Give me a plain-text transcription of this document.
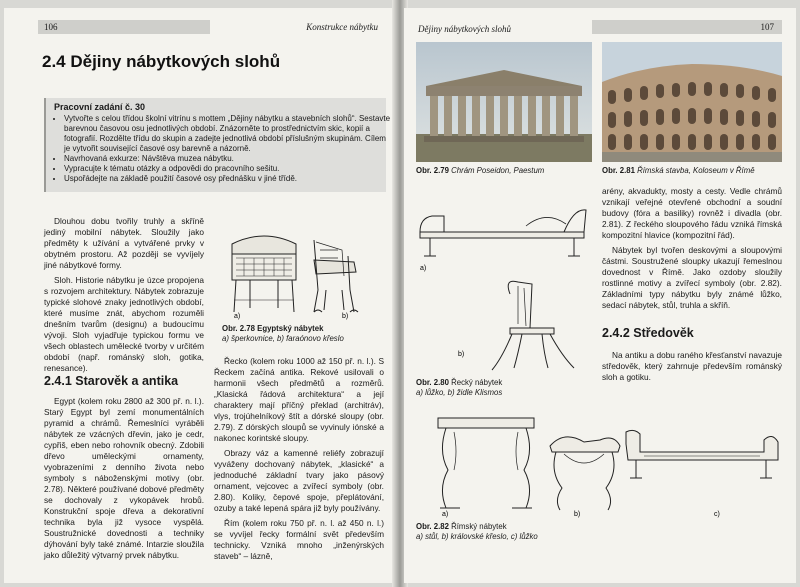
106	Konstrukce nábytku
2.4 Dějiny nábytkových slohů
Pracovní zadání č. 30
• Vytvořte s celou třídou školní vitrínu s mottem „Dějiny nábytku a stavebních slohů“. Sestavte barevnou časovou osu jednotlivých období. Znázorněte to prostřednictvím skic, kopií a fotografií. Rozdělte třídu do skupin a zadejte jednotlivá období příslušným skupinám. Cílem je vytvořit související časové osy barevně a názorně.
• Navrhovaná exkurze: Návštěva muzea nábytku.
• Vypracujte k tématu otázky a odpovědi do pracovního sešitu.
• Uspořádejte na základě použití časové osy přednášku v jiné třídě.

Dlouhou dobu tvořily truhly a skříně jediný mobilní nábytek. Sloužily jako předměty k užívání a vytvářené prvky v obytném prostoru. Až později se vyvíjely jiné nábytkové formy.

Sloh. Historie nábytku je úzce propojena s rozvojem architektury. Nábytek zobrazuje typické slohové znaky jednotlivých období, které musíme znát, abychom rozuměli dnešním tvarům (designu) a budoucímu vývoji. Sloh vyjadřuje typickou formu ve všech oblastech umělecké tvorby v určitém období (např. románský sloh, gotika, renesance).

2.4.1 Starověk a antika

Egypt (kolem roku 2800 až 300 př. n. l.). Starý Egypt byl zemí monumentálních pyramid a chrámů. Řemeslníci vyráběli nábytek ze vzácných dřevin, jako je cedr, cypřiš, eben nebo rohovník obecný. Zdobili dřevo uměleckými ornamenty, vyobrazeními z denního života nebo symboly s náboženskými motivy (obr. 2.78). Některé používané dobové předměty se dochovaly z vykopávek hrobů. Konstrukční spoje dřeva a dekorativní technika byla již vysoce vyspělá. Soustružnické dovednosti a techniky dýhování byly také známé. Intarzie sloužila jako důležitý výtvarný prvek nábytku.

a)	b)
Obr. 2.78 Egyptský nábytek
a) šperkovnice, b) faraónovo křeslo

Řecko (kolem roku 1000 až 150 př. n. l.). S Řeckem začíná antika. Rekové usilovali o harmonii všech předmětů a rozměrů. „Klasická řádová architektura“ a její charaktery mají příčný překlad (architráv), vlys, trojúhelníkový štít a dórské sloupy (obr. 2.79). Z dórských sloupů se vyvinuly iónské a nakonec korintské sloupy.

Obrazy váz a kamenné reliéfy zobrazují vyváženy dochovaný nábytek, „klasické“ a jednoduché základní tvary jako pásový ornament, vejcovec a zvířecí symboly (obr. 2.80). Koliky, čepové spoje, přeplátování, ozuby a také lepená spára již byly používány.

Řím (kolem roku 750 př. n. l. až 450 n. l.) se vyvíjel řecky formální svět především technicky. Vzniká mnoho „inženýrských staveb“ – lázně,

Dějiny nábytkových slohů	107
Obr. 2.79 Chrám Poseidon, Paestum	Obr. 2.81 Římská stavba, Koloseum v Římě
a)
b)
Obr. 2.80 Řecký nábytek
a) lůžko, b) židle Klismos

arény, akvadukty, mosty a cesty. Vedle chrámů vznikají veřejné otevřené obchodní a soudní budovy (fóra a basiliky) rovněž i divadla (obr. 2.81). Z řeckého sloupového řádu vzniká římská kompozitní hlavice (kompozitní řád).

Nábytek byl tvořen deskovými a sloupovými částmi. Soustružené sloupky ukazují řemeslnou dovednost v Římě. Jako ozdoby sloužily rostlinné motivy a zvířecí symboly (obr. 2.82). Základními typy nábytku byly známé lůžko, sedací nábytek, stůl, truhla a skříň.

2.4.2 Středověk

Na antiku a dobu raného křesťanství navazuje středověk, který zahrnuje především románský sloh a gotiku.

a)	b)	c)
Obr. 2.82 Římský nábytek
a) stůl, b) královské křeslo, c) lůžko
